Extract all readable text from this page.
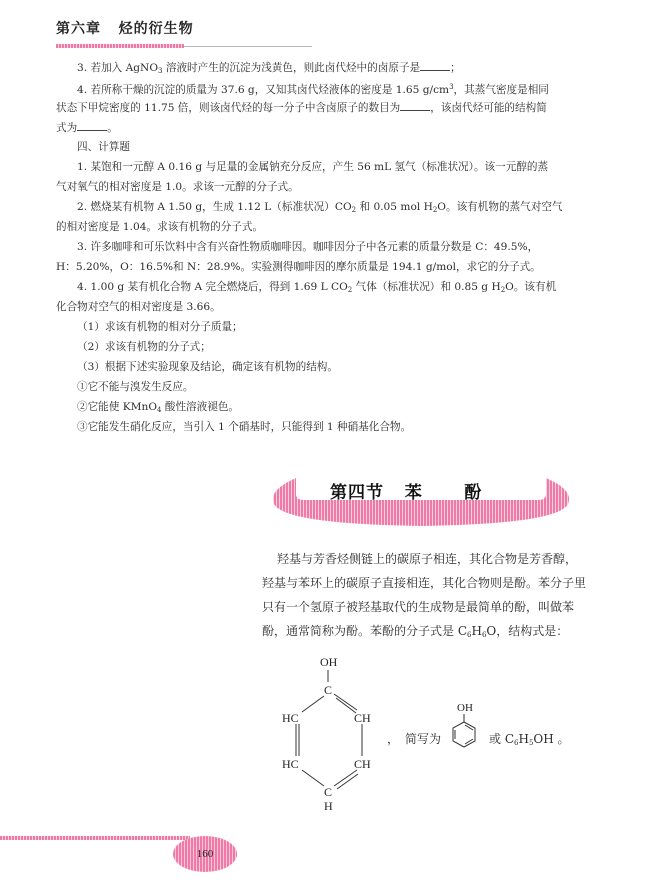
第六章   烃的衍生物
3. 若加入 AgNO$_3$ 溶液时产生的沉淀为浅黄色，则此卤代烃中的卤原子是	；
4. 若所称干燥的沉淀的质量为 37.6 g，又知其卤代烃液体的密度是 1.65 $g/cm^3$，其蒸气密度是相同
状态下甲烷密度的 11.75 倍，则该卤代烃的每一分子中含卤原子的数目为	，该卤代烃可能的结构简
式为	。
四、计算题
1. 某饱和一元醇 A 0.16 g 与足量的金属钠充分反应，产生 56 mL 氢气（标准状况）。该一元醇的蒸
气对氧气的相对密度是 1.0。求该一元醇的分子式。
2. 燃烧某有机物 A 1.50 g，生成 1.12 L（标准状况）$CO_2$ 和 0.05 mol $H_2O$。该有机物的蒸气对空气
的相对密度是 1.04。求该有机物的分子式。
3. 许多咖啡和可乐饮料中含有兴奋性物质咖啡因。咖啡因分子中各元素的质量分数是 C：49.5%，
H：5.20%，O：16.5%和 N：28.9%。实验测得咖啡因的摩尔质量是 194.1 g/mol，求它的分子式。
4. 1.00 g 某有机化合物 A 完全燃烧后，得到 1.69 L $CO_2$ 气体（标准状况）和 0.85 g $H_2O$。该有机
化合物对空气的相对密度是 3.66。
（1）求该有机物的相对分子质量；
（2）求该有机物的分子式；
（3）根据下述实验现象及结论，确定该有机物的结构。
①它不能与溴发生反应。
②它能使 KMnO$_4$ 酸性溶液褪色。
③它能发生硝化反应，当引入 1 个硝基时，只能得到 1 种硝基化合物。
第四节   苯      酚
羟基与芳香烃侧链上的碳原子相连，其化合物是芳香醇，
羟基与苯环上的碳原子直接相连，其化合物则是酚。苯分子里
只有一个氢原子被羟基取代的生成物是最简单的酚，叫做苯
酚，通常简称为酚。苯酚的分子式是 $C_6H_6O$，结构式是：
OH
C
HC	CH
HC	CH
C
H
， 简写为
OH
或 $C_6H_5OH$ 。
160
